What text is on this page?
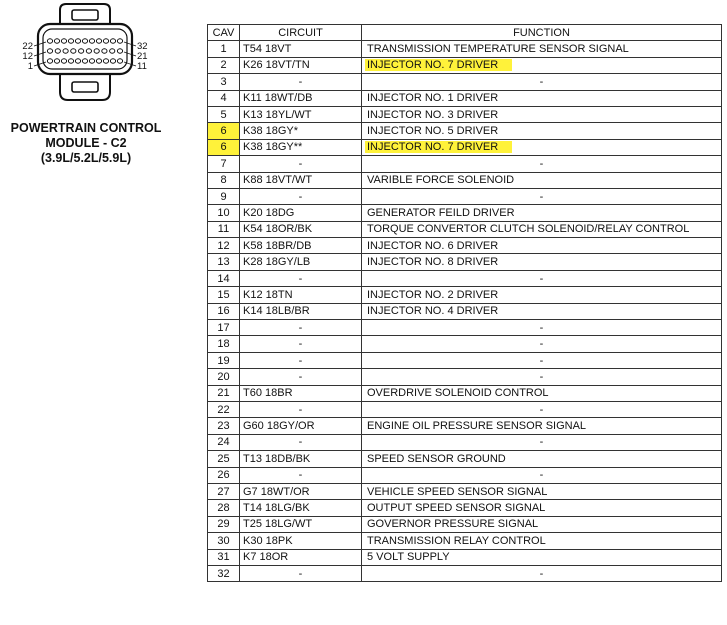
22
12
1
32
21
11
POWERTRAIN CONTROL
MODULE - C2
(3.9L/5.2L/5.9L)
CAV	CIRCUIT	FUNCTION
1	T54 18VT	TRANSMISSION TEMPERATURE SENSOR SIGNAL
2	K26 18VT/TN	INJECTOR NO. 7 DRIVER
3	-	-
4	K11 18WT/DB	INJECTOR NO. 1 DRIVER
5	K13 18YL/WT	INJECTOR NO. 3 DRIVER
6	K38 18GY*	INJECTOR NO. 5 DRIVER
6	K38 18GY**	INJECTOR NO. 7 DRIVER
7	-	-
8	K88 18VT/WT	VARIBLE FORCE SOLENOID
9	-	-
10	K20 18DG	GENERATOR FEILD DRIVER
11	K54 18OR/BK	TORQUE CONVERTOR CLUTCH SOLENOID/RELAY CONTROL
12	K58 18BR/DB	INJECTOR NO. 6 DRIVER
13	K28 18GY/LB	INJECTOR NO. 8 DRIVER
14	-	-
15	K12 18TN	INJECTOR NO. 2 DRIVER
16	K14 18LB/BR	INJECTOR NO. 4 DRIVER
17	-	-
18	-	-
19	-	-
20	-	-
21	T60 18BR	OVERDRIVE SOLENOID CONTROL
22	-	-
23	G60 18GY/OR	ENGINE OIL PRESSURE SENSOR SIGNAL
24	-	-
25	T13 18DB/BK	SPEED SENSOR GROUND
26	-	-
27	G7 18WT/OR	VEHICLE SPEED SENSOR SIGNAL
28	T14 18LG/BK	OUTPUT SPEED SENSOR SIGNAL
29	T25 18LG/WT	GOVERNOR PRESSURE SIGNAL
30	K30 18PK	TRANSMISSION RELAY CONTROL
31	K7 18OR	5 VOLT SUPPLY
32	-	-
